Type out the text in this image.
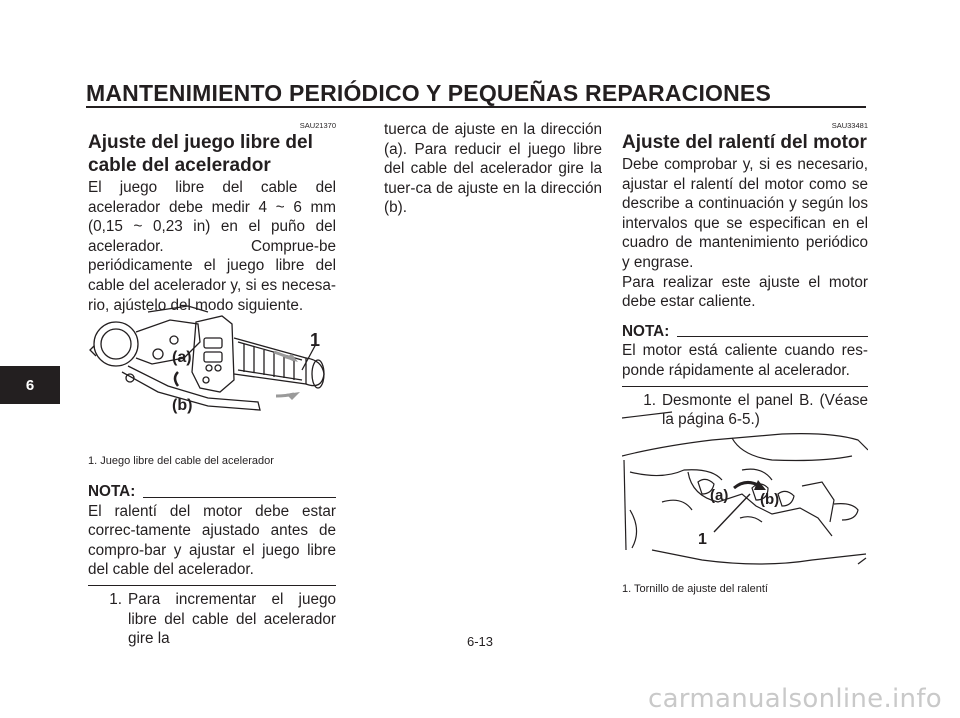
MANTENIMIENTO PERIÓDICO Y PEQUEÑAS REPARACIONES
6
SAU21370
Ajuste del juego libre del
cable del acelerador

El juego libre del cable del acelerador debe medir 4 ~ 6 mm (0,15 ~ 0,23 in) en el puño del acelerador. Comprue-be periódicamente el juego libre del cable del acelerador y, si es necesa-rio, ajústelo del modo siguiente.

(a)
(b)
1
1. Juego libre del cable del acelerador
NOTA:
El ralentí del motor debe estar correc-tamente ajustado antes de compro-bar y ajustar el juego libre del cable del acelerador.
1. Para incrementar el juego libre del cable del acelerador gire la

tuerca de ajuste en la dirección (a). Para reducir el juego libre del cable del acelerador gire la tuer-ca de ajuste en la dirección (b).

SAU33481
Ajuste del ralentí del motor

Debe comprobar y, si es necesario, ajustar el ralentí del motor como se describe a continuación y según los intervalos que se especifican en el cuadro de mantenimiento periódico y engrase.

Para realizar este ajuste el motor debe estar caliente.

NOTA:
El motor está caliente cuando res-ponde rápidamente al acelerador.
1. Desmonte el panel B. (Véase la página 6-5.)
(a) (b)
1
1. Tornillo de ajuste del ralentí
6-13
carmanualsonline.info
